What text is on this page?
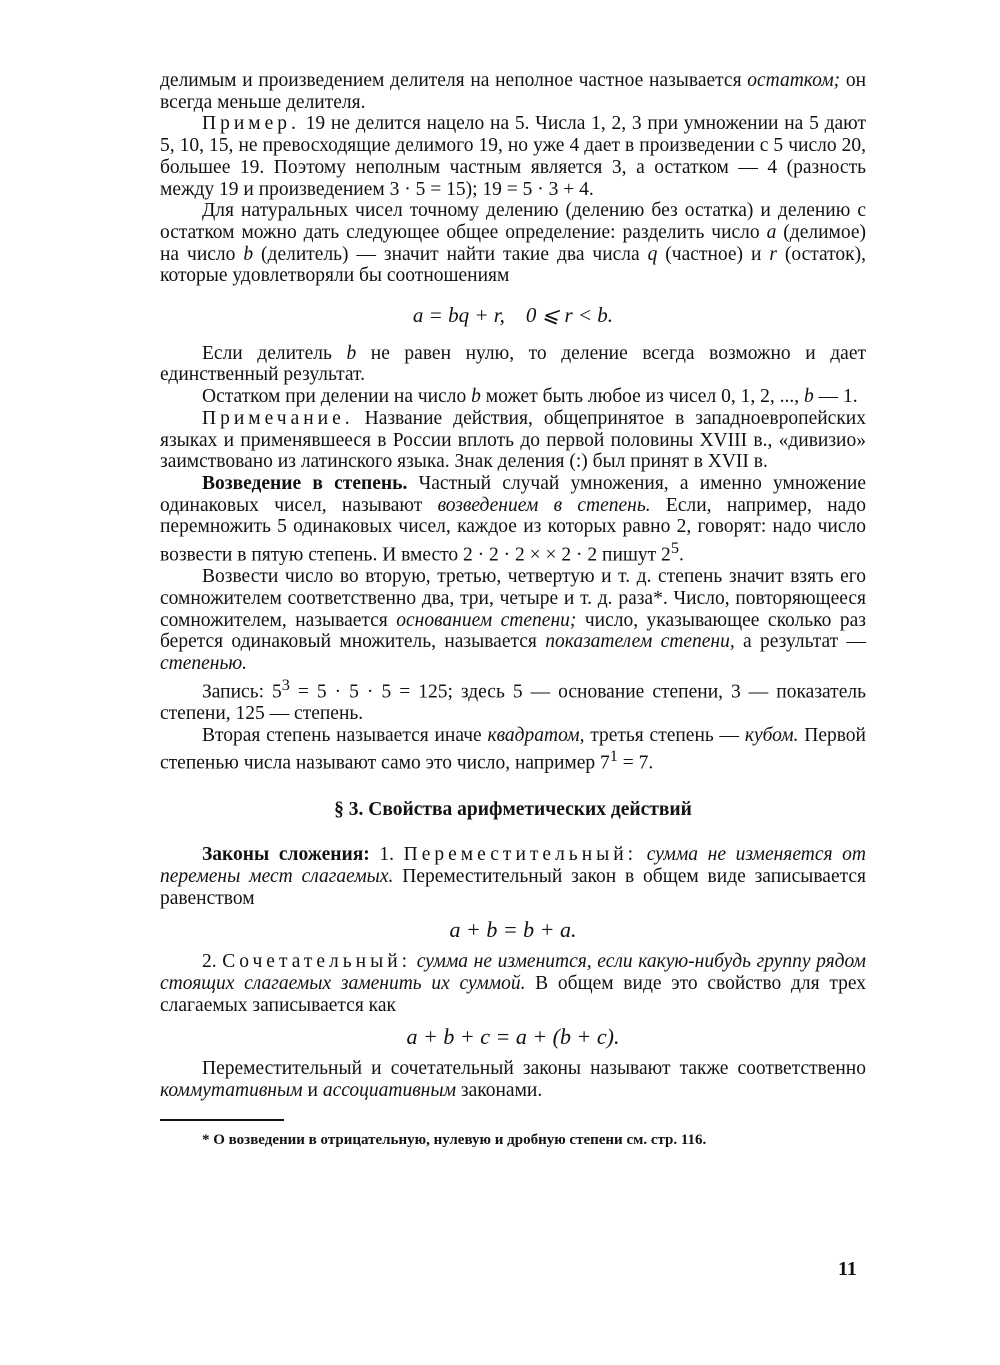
делимым и произведением делителя на неполное частное называется остатком; он всегда меньше делителя.

Пример. 19 не делится нацело на 5. Числа 1, 2, 3 при умножении на 5 дают 5, 10, 15, не превосходящие делимого 19, но уже 4 дает в произведении с 5 число 20, большее 19. Поэтому неполным частным является 3, а остатком — 4 (разность между 19 и произведением 3 · 5 = 15); 19 = 5 · 3 + 4.

Для натуральных чисел точному делению (делению без остатка) и делению с остатком можно дать следующее общее определение: разделить число a (делимое) на число b (делитель) — значит найти такие два числа q (частное) и r (остаток), которые удовлетворяли бы соотношениям

a = bq + r,    0 ⩽ r < b.

Если делитель b не равен нулю, то деление всегда возможно и дает единственный результат.

Остатком при делении на число b может быть любое из чисел 0, 1, 2, ..., b — 1.

Примечание. Название действия, общепринятое в западноевропейских языках и применявшееся в России вплоть до первой половины XVIII в., «дивизио» заимствовано из латинского языка. Знак деления (:) был принят в XVII в.

Возведение в степень. Частный случай умножения, а именно умножение одинаковых чисел, называют возведением в степень. Если, например, надо перемножить 5 одинаковых чисел, каждое из которых равно 2, говорят: надо число возвести в пятую степень. И вместо 2 · 2 · 2 × × 2 · 2 пишут $2^5$.

Возвести число во вторую, третью, четвертую и т. д. степень значит взять его сомножителем соответственно два, три, четыре и т. д. раза*. Число, повторяющееся сомножителем, называется основанием степени; число, указывающее сколько раз берется одинаковый множитель, называется показателем степени, а результат — степенью.

Запись: $5^3 = 5 \cdot 5 \cdot 5 = 125$; здесь 5 — основание степени, 3 — показатель степени, 125 — степень.

Вторая степень называется иначе квадратом, третья степень — кубом. Первой степенью числа называют само это число, например $7^1 = 7$.

§ 3. Свойства арифметических действий

Законы сложения: 1. Переместительный: сумма не изменяется от перемены мест слагаемых. Переместительный закон в общем виде записывается равенством

a + b = b + a.

2. Сочетательный: сумма не изменится, если какую-нибудь группу рядом стоящих слагаемых заменить их суммой. В общем виде это свойство для трех слагаемых записывается как

a + b + c = a + (b + c).

Переместительный и сочетательный законы называют также соответственно коммутативным и ассоциативным законами.

* О возведении в отрицательную, нулевую и дробную степени см. стр. 116.

11
